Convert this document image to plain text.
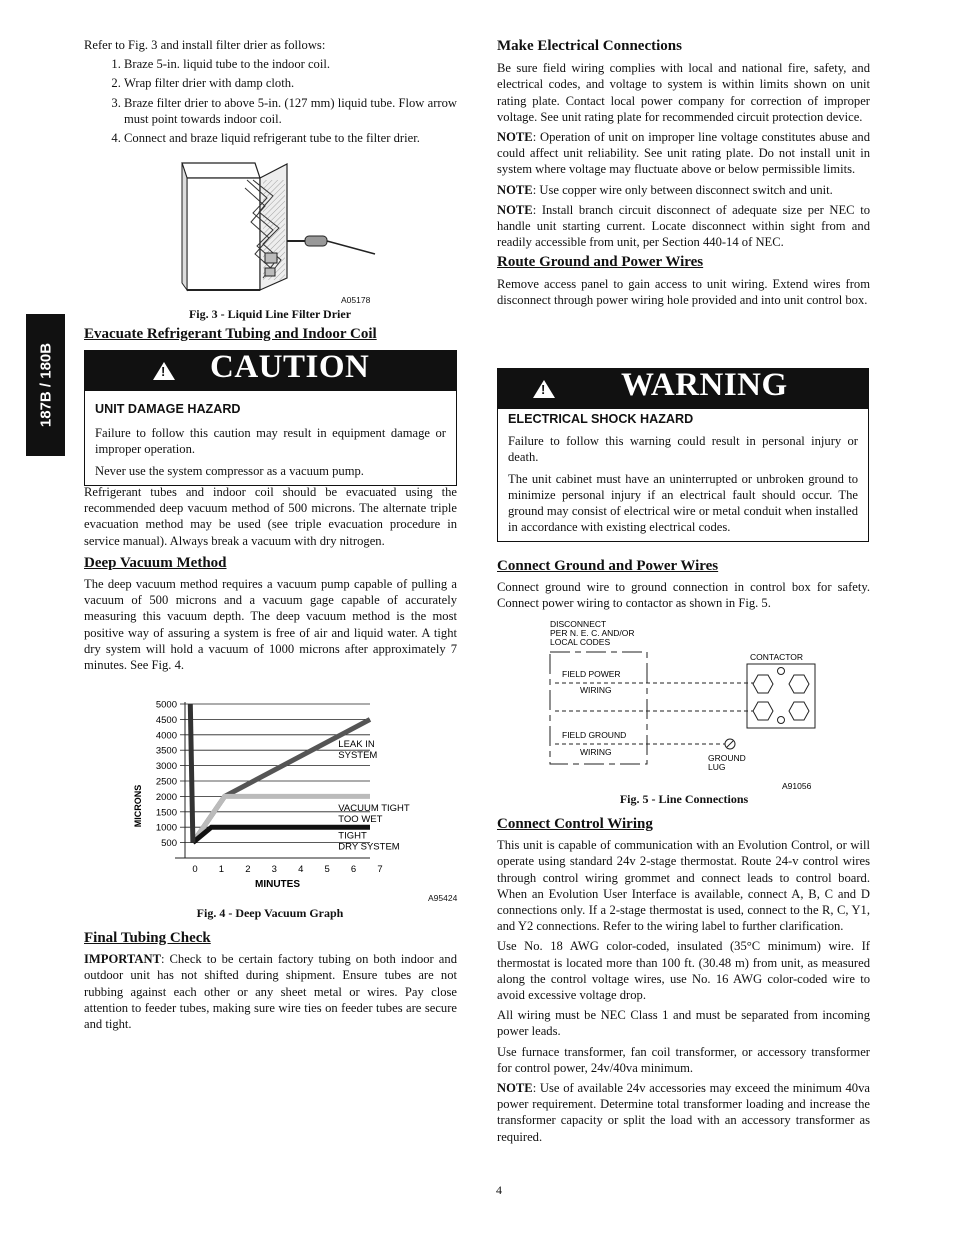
187B / 180B

Refer to Fig. 3 and install filter drier as follows:

1. Braze 5-in. liquid tube to the indoor coil.
2. Wrap filter drier with damp cloth.
3. Braze filter drier to above 5-in. (127 mm) liquid tube. Flow arrow must point towards indoor coil.
4. Connect and braze liquid refrigerant tube to the filter drier.
A05178
Fig. 3 - Liquid Line Filter Drier
Evacuate Refrigerant Tubing and Indoor Coil
!
CAUTION
UNIT DAMAGE HAZARD

Failure to follow this caution may result in equipment damage or improper operation.

Never use the system compressor as a vacuum pump.

Refrigerant tubes and indoor coil should be evacuated using the recommended deep vacuum method of 500 microns. The alternate triple evacuation method may be used (see triple evacuation procedure in service manual). Always break a vacuum with dry nitrogen.

Deep Vacuum Method

The deep vacuum method requires a vacuum pump capable of pulling a vacuum of 500 microns and a vacuum gage capable of accurately measuring this vacuum depth. The deep vacuum method is the most positive way of assuring a system is free of air and liquid water. A tight dry system will hold a vacuum of 1000 microns after approximately 7 minutes. See Fig. 4.

500
1000
1500
2000
2500
3000
3500
4000
4500
5000
0 1 2 3 4 5 6 7
MINUTES
MICRONS
LEAK IN
SYSTEM
VACUUM TIGHT
TOO WET
TIGHT
DRY SYSTEM
A95424
Fig. 4 - Deep Vacuum Graph
Final Tubing Check

IMPORTANT: Check to be certain factory tubing on both indoor and outdoor unit has not shifted during shipment. Ensure tubes are not rubbing against each other or any sheet metal or wires. Pay close attention to feeder tubes, making sure wire ties on feeder tubes are secure and tight.

Make Electrical Connections

Be sure field wiring complies with local and national fire, safety, and electrical codes, and voltage to system is within limits shown on unit rating plate. Contact local power company for correction of improper voltage. See unit rating plate for recommended circuit protection device.

NOTE: Operation of unit on improper line voltage constitutes abuse and could affect unit reliability. See unit rating plate. Do not install unit in system where voltage may fluctuate above or below permissible limits.

NOTE: Use copper wire only between disconnect switch and unit.

NOTE: Install branch circuit disconnect of adequate size per NEC to handle unit starting current. Locate disconnect within sight from and readily accessible from unit, per Section 440-14 of NEC.

Route Ground and Power Wires

Remove access panel to gain access to unit wiring. Extend wires from disconnect through power wiring hole provided and into unit control box.

!
WARNING
ELECTRICAL SHOCK HAZARD

Failure to follow this warning could result in personal injury or death.

The unit cabinet must have an uninterrupted or unbroken ground to minimize personal injury if an electrical fault should occur. The ground may consist of electrical wire or metal conduit when installed in accordance with existing electrical codes.

Connect Ground and Power Wires

Connect ground wire to ground connection in control box for safety. Connect power wiring to contactor as shown in Fig. 5.

DISCONNECT
PER N. E. C. AND/OR
LOCAL CODES
FIELD POWER
WIRING
FIELD GROUND
WIRING
GROUND
LUG
CONTACTOR
A91056
Fig. 5 - Line Connections
Connect Control Wiring

This unit is capable of communication with an Evolution Control, or will operate using standard 24v 2-stage thermostat. Route 24-v control wires through control wiring grommet and connect leads to control board. When an Evolution User Interface is available, connect A, B, C and D connections only. If a 2-stage thermostat is used, connect to the R, C, Y1, and Y2 connections. Refer to the wiring label to further clarification.

Use No. 18 AWG color-coded, insulated (35°C minimum) wire. If thermostat is located more than 100 ft. (30.48 m) from unit, as measured along the control voltage wires, use No. 16 AWG color-coded wire to avoid excessive voltage drop.

All wiring must be NEC Class 1 and must be separated from incoming power leads.

Use furnace transformer, fan coil transformer, or accessory transformer for control power, 24v/40va minimum.

NOTE: Use of available 24v accessories may exceed the minimum 40va power requirement. Determine total transformer loading and increase the transformer capacity or split the load with an accessory transformer as required.

4
